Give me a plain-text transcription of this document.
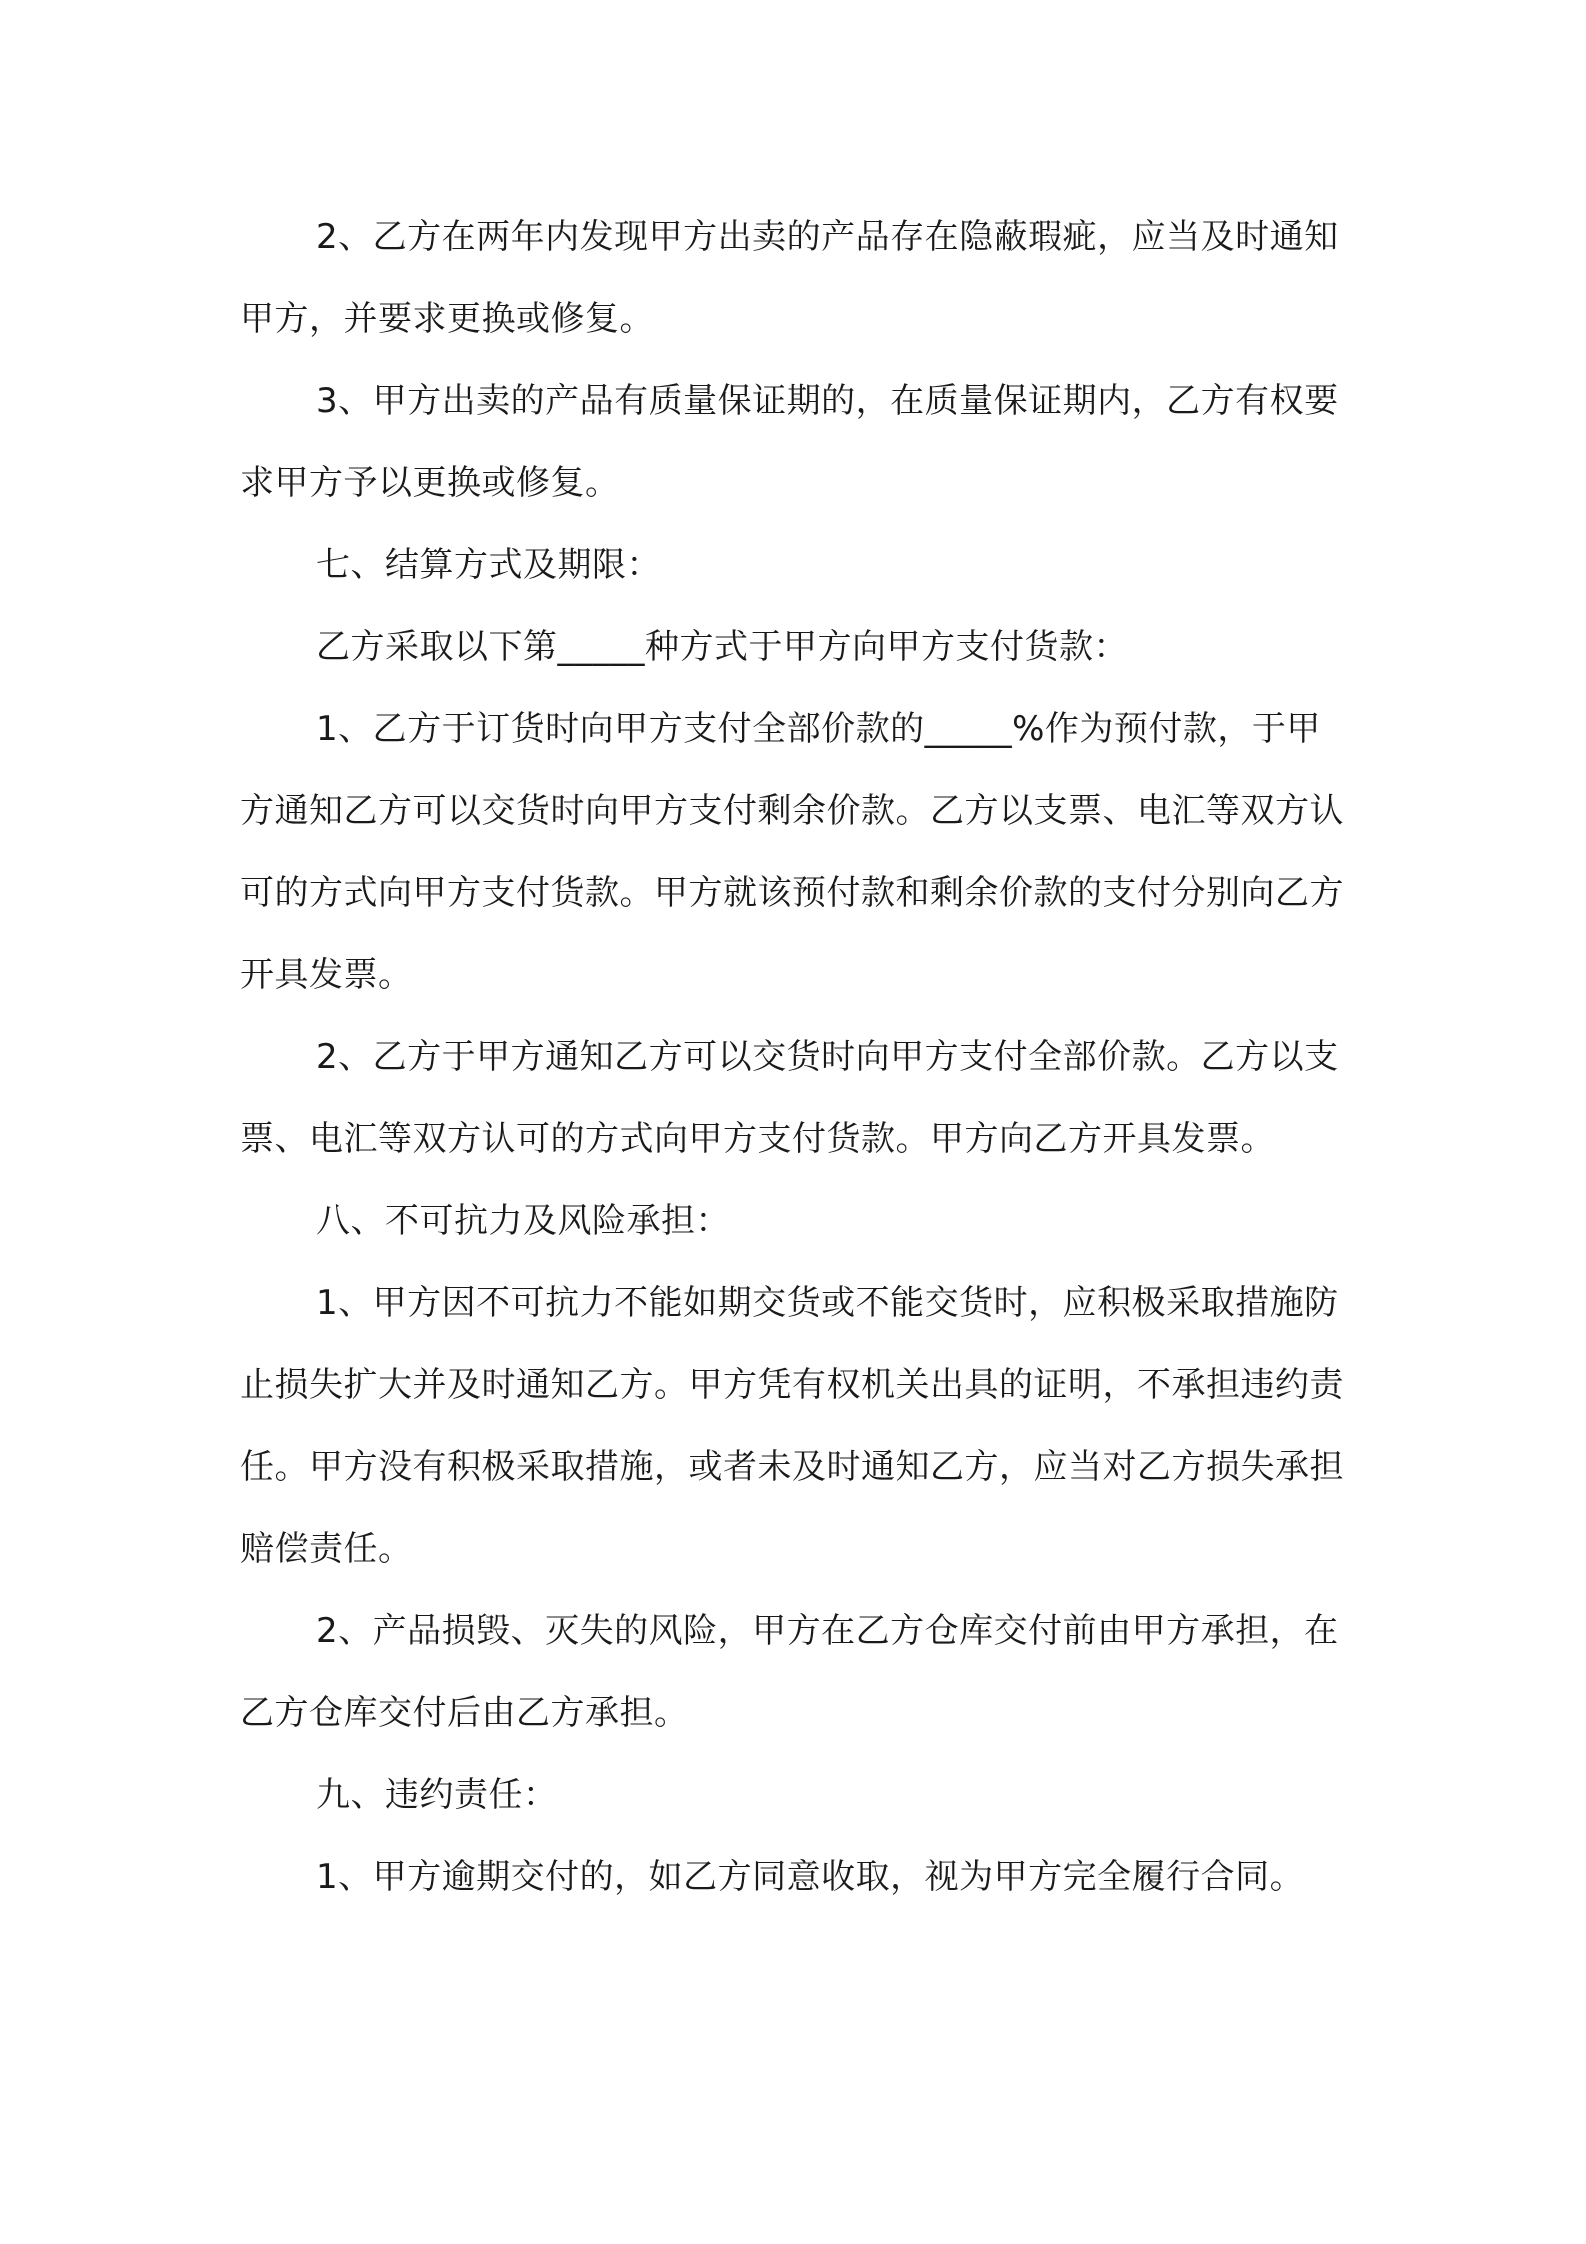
2、乙方在两年内发现甲方出卖的产品存在隐蔽瑕疵，应当及时通知甲方，并要求更换或修复。

3、甲方出卖的产品有质量保证期的，在质量保证期内，乙方有权要求甲方予以更换或修复。

七、结算方式及期限：

乙方采取以下第_____种方式于甲方向甲方支付货款：

1、乙方于订货时向甲方支付全部价款的_____%作为预付款，于甲方通知乙方可以交货时向甲方支付剩余价款。乙方以支票、电汇等双方认可的方式向甲方支付货款。甲方就该预付款和剩余价款的支付分别向乙方开具发票。

2、乙方于甲方通知乙方可以交货时向甲方支付全部价款。乙方以支票、电汇等双方认可的方式向甲方支付货款。甲方向乙方开具发票。

八、不可抗力及风险承担：

1、甲方因不可抗力不能如期交货或不能交货时，应积极采取措施防止损失扩大并及时通知乙方。甲方凭有权机关出具的证明，不承担违约责任。甲方没有积极采取措施，或者未及时通知乙方，应当对乙方损失承担赔偿责任。

2、产品损毁、灭失的风险，甲方在乙方仓库交付前由甲方承担，在乙方仓库交付后由乙方承担。

九、违约责任：

1、甲方逾期交付的，如乙方同意收取，视为甲方完全履行合同。
